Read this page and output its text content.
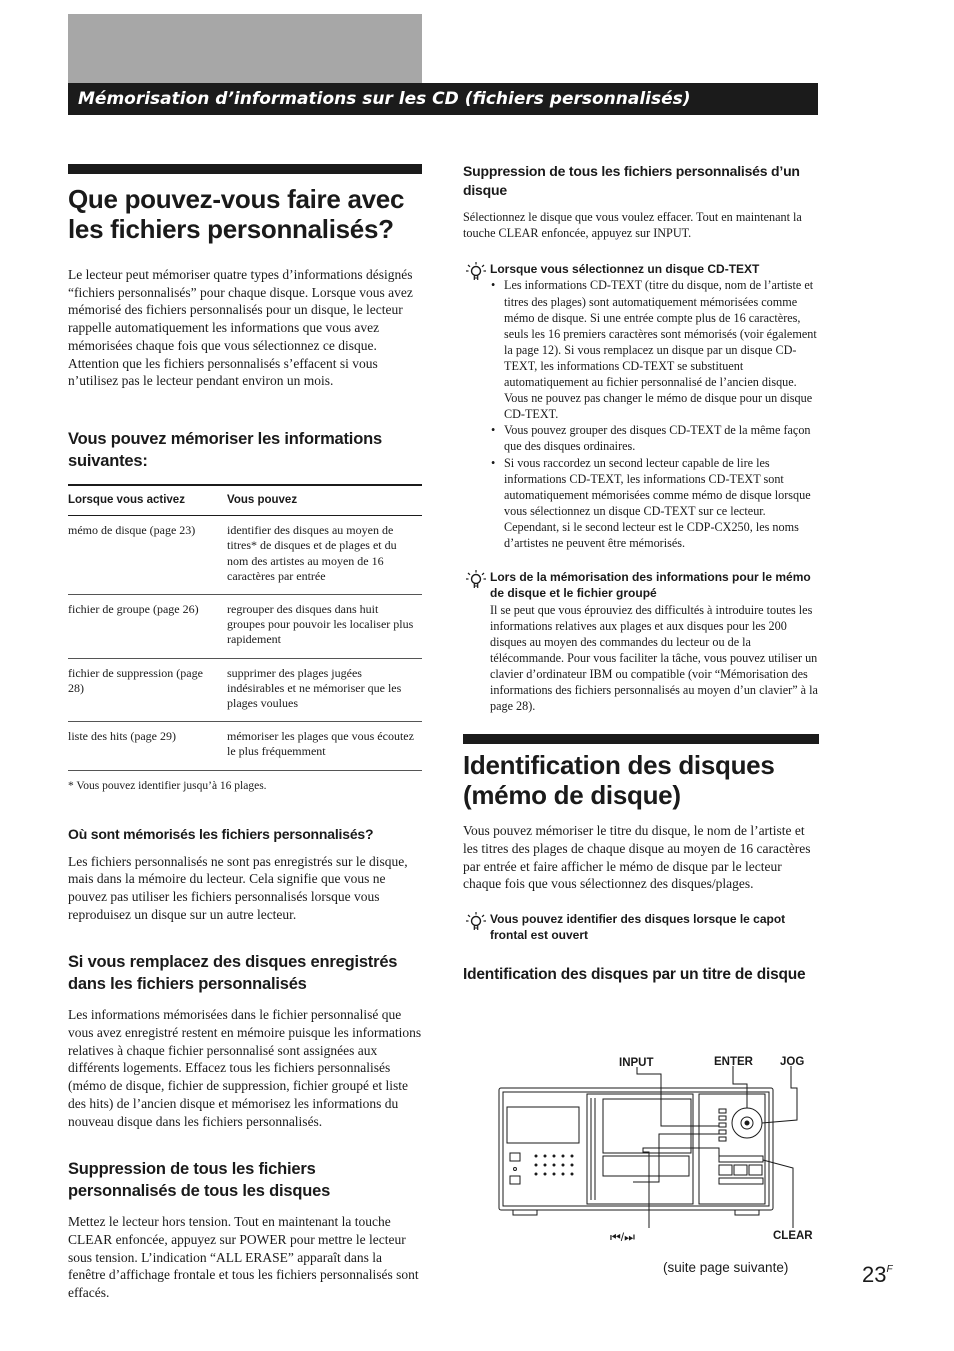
Mémorisation d’informations sur les CD (fichiers personnalisés)
Que pouvez-vous faire avec les fichiers personnalisés?

Le lecteur peut mémoriser quatre types d’informations désignés “fichiers personnalisés” pour chaque disque. Lorsque vous avez mémorisé des fichiers personnalisés pour un disque, le lecteur rappelle automatiquement les informations que vous avez mémorisées chaque fois que vous sélectionnez ce disque. Attention que les fichiers personnalisés s’effacent si vous n’utilisez pas le lecteur pendant environ un mois.

Vous pouvez mémoriser les informations suivantes:
Lorsque vous activez	Vous pouvez
mémo de disque (page 23)	identifier des disques au moyen de titres* de disques et de plages et du nom des artistes au moyen de 16 caractères par entrée
fichier de groupe (page 26)	regrouper des disques dans huit groupes pour pouvoir les localiser plus rapidement
fichier de suppression (page 28)	supprimer des plages jugées indésirables et ne mémoriser que les plages voulues
liste des hits (page 29)	mémoriser les plages que vous écoutez le plus fréquemment

* Vous pouvez identifier jusqu’à 16 plages.

Où sont mémorisés les fichiers personnalisés?

Les fichiers personnalisés ne sont pas enregistrés sur le disque, mais dans la mémoire du lecteur. Cela signifie que vous ne pouvez pas utiliser les fichiers personnalisés lorsque vous reproduisez un disque sur un autre lecteur.

Si vous remplacez des disques enregistrés dans les fichiers personnalisés

Les informations mémorisées dans le fichier personnalisé que vous avez enregistré restent en mémoire puisque les informations relatives à chaque fichier personnalisé sont assignées aux différents logements. Effacez tous les fichiers personnalisés (mémo de disque, fichier de suppression, fichier groupé et liste des hits) de l’ancien disque et mémorisez les informations du nouveau disque dans les fichiers personnalisés.

Suppression de tous les fichiers personnalisés de tous les disques

Mettez le lecteur hors tension. Tout en maintenant la touche CLEAR enfoncée, appuyez sur POWER pour mettre le lecteur sous tension. L’indication “ALL ERASE” apparaît dans la fenêtre d’affichage frontale et tous les fichiers personnalisés sont effacés.

Suppression de tous les fichiers personnalisés d’un disque

Sélectionnez le disque que vous voulez effacer. Tout en maintenant la touche CLEAR enfoncée, appuyez sur INPUT.

Lorsque vous sélectionnez un disque CD-TEXT
• Les informations CD-TEXT (titre du disque, nom de l’artiste et titres des plages) sont automatiquement mémorisées comme mémo de disque. Si une entrée compte plus de 16 caractères, seuls les 16 premiers caractères sont mémorisés (voir également la page 12). Si vous remplacez un disque par un disque CD-TEXT, les informations CD-TEXT se substituent automatiquement au fichier personnalisé de l’ancien disque.
Vous ne pouvez pas changer le mémo de disque pour un disque CD-TEXT.
• Vous pouvez grouper des disques CD-TEXT de la même façon que des disques ordinaires.
• Si vous raccordez un second lecteur capable de lire les informations CD-TEXT, les informations CD-TEXT sont automatiquement mémorisées comme mémo de disque lorsque vous sélectionnez un disque CD-TEXT sur ce lecteur. Cependant, si le second lecteur est le CDP-CX250, les noms d’artistes ne peuvent être mémorisés.
Lors de la mémorisation des informations pour le mémo de disque et le fichier groupé

Il se peut que vous éprouviez des difficultés à introduire toutes les informations relatives aux plages et aux disques pour les 200 disques au moyen des commandes du lecteur ou de la télécommande. Pour vous faciliter la tâche, vous pouvez utiliser un clavier d’ordinateur IBM ou compatible (voir “Mémorisation des informations des fichiers personnalisés au moyen d’un clavier” à la page 28).

Identification des disques (mémo de disque)

Vous pouvez mémoriser le titre du disque, le nom de l’artiste et les titres des plages de chaque disque au moyen de 16 caractères par entrée et faire afficher le mémo de disque par le lecteur chaque fois que vous sélectionnez des disques/plages.

Vous pouvez identifier des disques lorsque le capot frontal est ouvert
Identification des disques par un titre de disque
INPUT	ENTER JOG
⏮/⏭	CLEAR
(suite page suivante)	$23^F$
